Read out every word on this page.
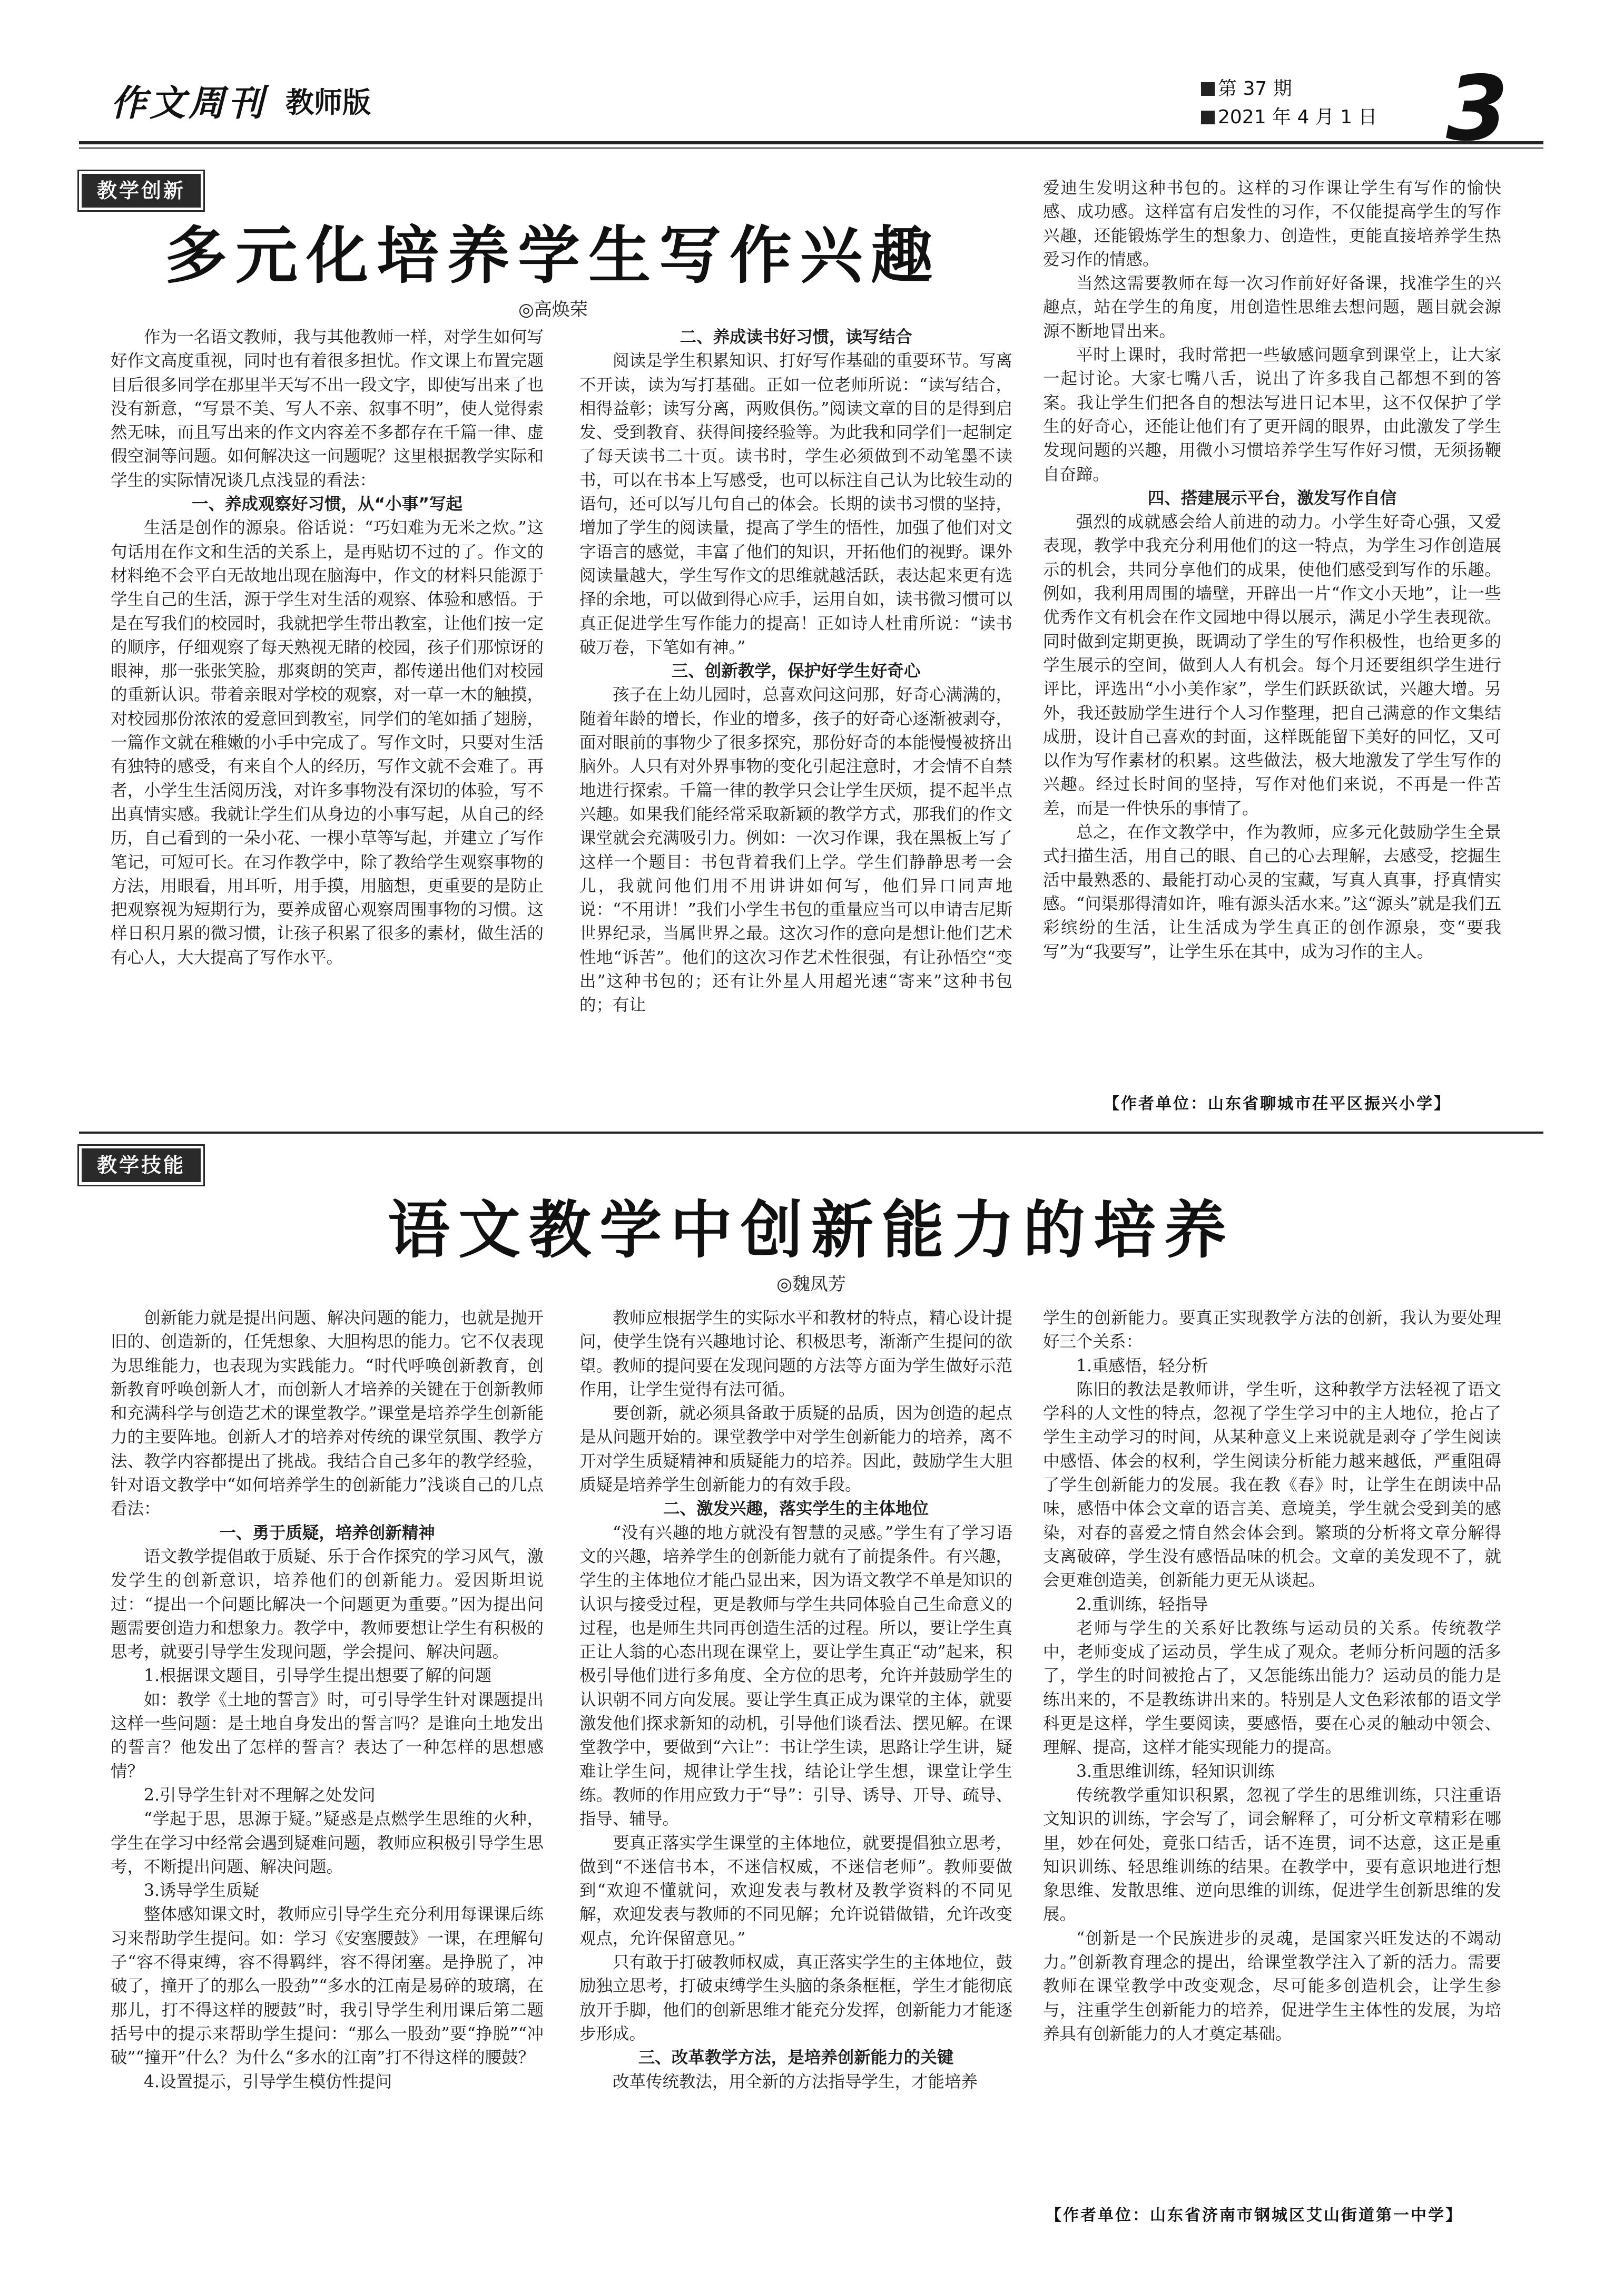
作文周刊 教师版	第 37 期
2021 年 4 月 1 日 3
教学创新
多元化培养学生写作兴趣
◎高焕荣

作为一名语文教师，我与其他教师一样，对学生如何写好作文高度重视，同时也有着很多担忧。作文课上布置完题目后很多同学在那里半天写不出一段文字，即使写出来了也没有新意，“写景不美、写人不亲、叙事不明”，使人觉得索然无味，而且写出来的作文内容差不多都存在千篇一律、虚假空洞等问题。如何解决这一问题呢？这里根据教学实际和学生的实际情况谈几点浅显的看法：

一、养成观察好习惯，从“小事”写起

生活是创作的源泉。俗话说：“巧妇难为无米之炊。”这句话用在作文和生活的关系上，是再贴切不过的了。作文的材料绝不会平白无故地出现在脑海中，作文的材料只能源于学生自己的生活，源于学生对生活的观察、体验和感悟。于是在写我们的校园时，我就把学生带出教室，让他们按一定的顺序，仔细观察了每天熟视无睹的校园，孩子们那惊讶的眼神，那一张张笑脸，那爽朗的笑声，都传递出他们对校园的重新认识。带着亲眼对学校的观察，对一草一木的触摸，对校园那份浓浓的爱意回到教室，同学们的笔如插了翅膀，一篇作文就在稚嫩的小手中完成了。写作文时，只要对生活有独特的感受，有来自个人的经历，写作文就不会难了。再者，小学生生活阅历浅，对许多事物没有深切的体验，写不出真情实感。我就让学生们从身边的小事写起，从自己的经历，自己看到的一朵小花、一棵小草等写起，并建立了写作笔记，可短可长。在习作教学中，除了教给学生观察事物的方法，用眼看，用耳听，用手摸，用脑想，更重要的是防止把观察视为短期行为，要养成留心观察周围事物的习惯。这样日积月累的微习惯，让孩子积累了很多的素材，做生活的有心人，大大提高了写作水平。

二、养成读书好习惯，读写结合

阅读是学生积累知识、打好写作基础的重要环节。写离不开读，读为写打基础。正如一位老师所说：“读写结合，相得益彰；读写分离，两败俱伤。”阅读文章的目的是得到启发、受到教育、获得间接经验等。为此我和同学们一起制定了每天读书二十页。读书时，学生必须做到不动笔墨不读书，可以在书本上写感受，也可以标注自己认为比较生动的语句，还可以写几句自己的体会。长期的读书习惯的坚持，增加了学生的阅读量，提高了学生的悟性，加强了他们对文字语言的感觉，丰富了他们的知识，开拓他们的视野。课外阅读量越大，学生写作文的思维就越活跃，表达起来更有选择的余地，可以做到得心应手，运用自如，读书微习惯可以真正促进学生写作能力的提高！正如诗人杜甫所说：“读书破万卷，下笔如有神。”

三、创新教学，保护好学生好奇心

孩子在上幼儿园时，总喜欢问这问那，好奇心满满的，随着年龄的增长，作业的增多，孩子的好奇心逐渐被剥夺，面对眼前的事物少了很多探究，那份好奇的本能慢慢被挤出脑外。人只有对外界事物的变化引起注意时，才会情不自禁地进行探索。千篇一律的教学只会让学生厌烦，提不起半点兴趣。如果我们能经常采取新颖的教学方式，那我们的作文课堂就会充满吸引力。例如：一次习作课，我在黑板上写了这样一个题目：书包背着我们上学。学生们静静思考一会儿，我就问他们用不用讲讲如何写，他们异口同声地说：“不用讲！”我们小学生书包的重量应当可以申请吉尼斯世界纪录，当属世界之最。这次习作的意向是想让他们艺术性地“诉苦”。他们的这次习作艺术性很强，有让孙悟空“变出”这种书包的；还有让外星人用超光速“寄来”这种书包的；有让

爱迪生发明这种书包的。这样的习作课让学生有写作的愉快感、成功感。这样富有启发性的习作，不仅能提高学生的写作兴趣，还能锻炼学生的想象力、创造性，更能直接培养学生热爱习作的情感。

当然这需要教师在每一次习作前好好备课，找准学生的兴趣点，站在学生的角度，用创造性思维去想问题，题目就会源源不断地冒出来。

平时上课时，我时常把一些敏感问题拿到课堂上，让大家一起讨论。大家七嘴八舌，说出了许多我自己都想不到的答案。我让学生们把各自的想法写进日记本里，这不仅保护了学生的好奇心，还能让他们有了更开阔的眼界，由此激发了学生发现问题的兴趣，用微小习惯培养学生写作好习惯，无须扬鞭自奋蹄。

四、搭建展示平台，激发写作自信

强烈的成就感会给人前进的动力。小学生好奇心强，又爱表现，教学中我充分利用他们的这一特点，为学生习作创造展示的机会，共同分享他们的成果，使他们感受到写作的乐趣。例如，我利用周围的墙壁，开辟出一片“作文小天地”，让一些优秀作文有机会在作文园地中得以展示，满足小学生表现欲。同时做到定期更换，既调动了学生的写作积极性，也给更多的学生展示的空间，做到人人有机会。每个月还要组织学生进行评比，评选出“小小美作家”，学生们跃跃欲试，兴趣大增。另外，我还鼓励学生进行个人习作整理，把自己满意的作文集结成册，设计自己喜欢的封面，这样既能留下美好的回忆，又可以作为写作素材的积累。这些做法，极大地激发了学生写作的兴趣。经过长时间的坚持，写作对他们来说，不再是一件苦差，而是一件快乐的事情了。

总之，在作文教学中，作为教师，应多元化鼓励学生全景式扫描生活，用自己的眼、自己的心去理解，去感受，挖掘生活中最熟悉的、最能打动心灵的宝藏，写真人真事，抒真情实感。“问渠那得清如许，唯有源头活水来。”这“源头”就是我们五彩缤纷的生活，让生活成为学生真正的创作源泉，变“要我写”为“我要写”，让学生乐在其中，成为习作的主人。

【作者单位：山东省聊城市茌平区振兴小学】
教学技能
语文教学中创新能力的培养
◎魏凤芳

创新能力就是提出问题、解决问题的能力，也就是抛开旧的、创造新的，任凭想象、大胆构思的能力。它不仅表现为思维能力，也表现为实践能力。“时代呼唤创新教育，创新教育呼唤创新人才，而创新人才培养的关键在于创新教师和充满科学与创造艺术的课堂教学。”课堂是培养学生创新能力的主要阵地。创新人才的培养对传统的课堂氛围、教学方法、教学内容都提出了挑战。我结合自己多年的教学经验，针对语文教学中“如何培养学生的创新能力”浅谈自己的几点看法：

一、勇于质疑，培养创新精神

语文教学提倡敢于质疑、乐于合作探究的学习风气，激发学生的创新意识，培养他们的创新能力。爱因斯坦说过：“提出一个问题比解决一个问题更为重要。”因为提出问题需要创造力和想象力。教学中，教师要想让学生有积极的思考，就要引导学生发现问题，学会提问、解决问题。

1.根据课文题目，引导学生提出想要了解的问题

如：教学《土地的誓言》时，可引导学生针对课题提出这样一些问题：是土地自身发出的誓言吗？是谁向土地发出的誓言？他发出了怎样的誓言？表达了一种怎样的思想感情？

2.引导学生针对不理解之处发问

“学起于思，思源于疑。”疑惑是点燃学生思维的火种，学生在学习中经常会遇到疑难问题，教师应积极引导学生思考，不断提出问题、解决问题。

3.诱导学生质疑

整体感知课文时，教师应引导学生充分利用每课课后练习来帮助学生提问。如：学习《安塞腰鼓》一课，在理解句子“容不得束缚，容不得羁绊，容不得闭塞。是挣脱了，冲破了，撞开了的那么一股劲”“多水的江南是易碎的玻璃，在那儿，打不得这样的腰鼓”时，我引导学生利用课后第二题括号中的提示来帮助学生提问：“那么一股劲”要“挣脱”“冲破”“撞开”什么？为什么“多水的江南”打不得这样的腰鼓？

4.设置提示，引导学生模仿性提问

教师应根据学生的实际水平和教材的特点，精心设计提问，使学生饶有兴趣地讨论、积极思考，渐渐产生提问的欲望。教师的提问要在发现问题的方法等方面为学生做好示范作用，让学生觉得有法可循。

要创新，就必须具备敢于质疑的品质，因为创造的起点是从问题开始的。课堂教学中对学生创新能力的培养，离不开对学生质疑精神和质疑能力的培养。因此，鼓励学生大胆质疑是培养学生创新能力的有效手段。

二、激发兴趣，落实学生的主体地位

“没有兴趣的地方就没有智慧的灵感。”学生有了学习语文的兴趣，培养学生的创新能力就有了前提条件。有兴趣，学生的主体地位才能凸显出来，因为语文教学不单是知识的认识与接受过程，更是教师与学生共同体验自己生命意义的过程，也是师生共同再创造生活的过程。所以，要让学生真正让人翁的心态出现在课堂上，要让学生真正“动”起来，积极引导他们进行多角度、全方位的思考，允许并鼓励学生的认识朝不同方向发展。要让学生真正成为课堂的主体，就要激发他们探求新知的动机，引导他们谈看法、摆见解。在课堂教学中，要做到“六让”：书让学生读，思路让学生讲，疑难让学生问，规律让学生找，结论让学生想，课堂让学生练。教师的作用应致力于“导”：引导、诱导、开导、疏导、指导、辅导。

要真正落实学生课堂的主体地位，就要提倡独立思考，做到“不迷信书本，不迷信权威，不迷信老师”。教师要做到“欢迎不懂就问，欢迎发表与教材及教学资料的不同见解，欢迎发表与教师的不同见解；允许说错做错，允许改变观点，允许保留意见。”

只有敢于打破教师权威，真正落实学生的主体地位，鼓励独立思考，打破束缚学生头脑的条条框框，学生才能彻底放开手脚，他们的创新思维才能充分发挥，创新能力才能逐步形成。

三、改革教学方法，是培养创新能力的关键

改革传统教法，用全新的方法指导学生，才能培养

学生的创新能力。要真正实现教学方法的创新，我认为要处理好三个关系：

1.重感悟，轻分析

陈旧的教法是教师讲，学生听，这种教学方法轻视了语文学科的人文性的特点，忽视了学生学习中的主人地位，抢占了学生主动学习的时间，从某种意义上来说就是剥夺了学生阅读中感悟、体会的权利，学生阅读分析能力越来越低，严重阻碍了学生创新能力的发展。我在教《春》时，让学生在朗读中品味，感悟中体会文章的语言美、意境美，学生就会受到美的感染，对春的喜爱之情自然会体会到。繁琐的分析将文章分解得支离破碎，学生没有感悟品味的机会。文章的美发现不了，就会更难创造美，创新能力更无从谈起。

2.重训练，轻指导

老师与学生的关系好比教练与运动员的关系。传统教学中，老师变成了运动员，学生成了观众。老师分析问题的活多了，学生的时间被抢占了，又怎能练出能力？运动员的能力是练出来的，不是教练讲出来的。特别是人文色彩浓郁的语文学科更是这样，学生要阅读，要感悟，要在心灵的触动中领会、理解、提高，这样才能实现能力的提高。

3.重思维训练，轻知识训练

传统教学重知识积累，忽视了学生的思维训练，只注重语文知识的训练，字会写了，词会解释了，可分析文章精彩在哪里，妙在何处，竟张口结舌，话不连贯，词不达意，这正是重知识训练、轻思维训练的结果。在教学中，要有意识地进行想象思维、发散思维、逆向思维的训练，促进学生创新思维的发展。

“创新是一个民族进步的灵魂，是国家兴旺发达的不竭动力。”创新教育理念的提出，给课堂教学注入了新的活力。需要教师在课堂教学中改变观念，尽可能多创造机会，让学生参与，注重学生创新能力的培养，促进学生主体性的发展，为培养具有创新能力的人才奠定基础。

【作者单位：山东省济南市钢城区艾山街道第一中学】
